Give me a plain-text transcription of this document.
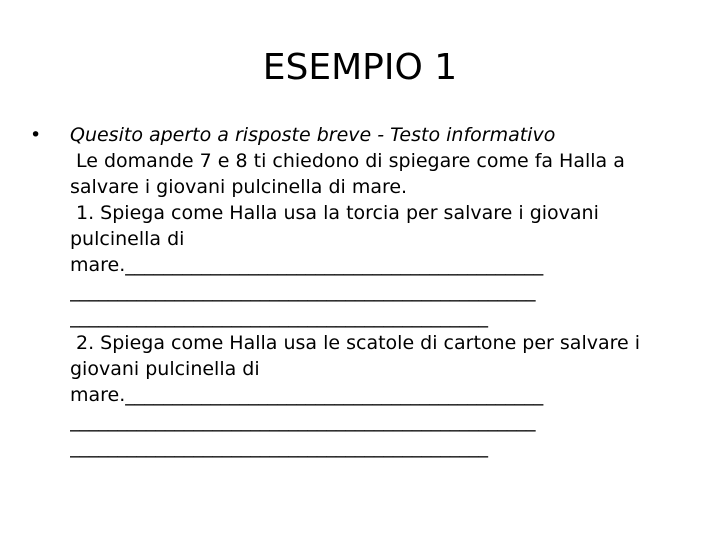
ESEMPIO 1
• Quesito aperto a risposte breve - Testo informativo
Le domande 7 e 8 ti chiedono di spiegare come fa Halla a
salvare i giovani pulcinella di mare.
1. Spiega come Halla usa la torcia per salvare i giovani
pulcinella di
mare.____________________________________________
_________________________________________________
____________________________________________
2. Spiega come Halla usa le scatole di cartone per salvare i
giovani pulcinella di
mare.____________________________________________
_________________________________________________
____________________________________________
